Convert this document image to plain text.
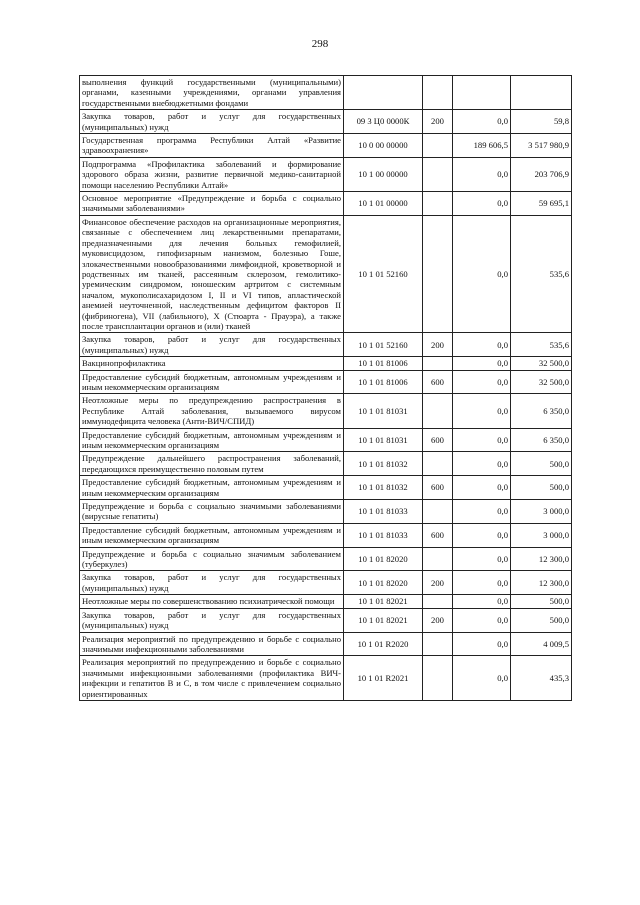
298
выполнения функций государственными (муниципальными) органами, казенными учреждениями, органами управления государственными внебюджетными фондами				
Закупка товаров, работ и услуг для государственных (муниципальных) нужд	09 3 Ц0 0000К	200	0,0	59,8
Государственная программа Республики Алтай «Развитие здравоохранения»	10 0 00 00000		189 606,5	3 517 980,9
Подпрограмма «Профилактика заболеваний и формирование здорового образа жизни, развитие первичной медико-санитарной помощи населению Республики Алтай»	10 1 00 00000		0,0	203 706,9
Основное мероприятие «Предупреждение и борьба с социально значимыми заболеваниями»	10 1 01 00000		0,0	59 695,1
Финансовое обеспечение расходов на организационные мероприятия, связанные с обеспечением лиц лекарственными препаратами, предназначенными для лечения больных гемофилией, муковисцидозом, гипофизарным нанизмом, болезнью Гоше, злокачественными новообразованиями лимфоидной, кроветворной и родственных им тканей, рассеянным склерозом, гемолитико-уремическим синдромом, юношеским артритом с системным началом, мукополисахаридозом I, II и VI типов, апластической анемией неуточненной, наследственным дефицитом факторов II (фибриногена), VII (лабильного), X (Стюарта - Прауэра), а также после трансплантации органов и (или) тканей	10 1 01 52160		0,0	535,6
Закупка товаров, работ и услуг для государственных (муниципальных) нужд	10 1 01 52160	200	0,0	535,6
Вакцинопрофилактика	10 1 01 81006		0,0	32 500,0
Предоставление субсидий бюджетным, автономным учреждениям и иным некоммерческим организациям	10 1 01 81006	600	0,0	32 500,0
Неотложные меры по предупреждению распространения в Республике Алтай заболевания, вызываемого вирусом иммунодефицита человека (Анти-ВИЧ/СПИД)	10 1 01 81031		0,0	6 350,0
Предоставление субсидий бюджетным, автономным учреждениям и иным некоммерческим организациям	10 1 01 81031	600	0,0	6 350,0
Предупреждение дальнейшего распространения заболеваний, передающихся преимущественно половым путем	10 1 01 81032		0,0	500,0
Предоставление субсидий бюджетным, автономным учреждениям и иным некоммерческим организациям	10 1 01 81032	600	0,0	500,0
Предупреждение и борьба с социально значимыми заболеваниями (вирусные гепатиты)	10 1 01 81033		0,0	3 000,0
Предоставление субсидий бюджетным, автономным учреждениям и иным некоммерческим организациям	10 1 01 81033	600	0,0	3 000,0
Предупреждение и борьба с социально значимым заболеванием (туберкулез)	10 1 01 82020		0,0	12 300,0
Закупка товаров, работ и услуг для государственных (муниципальных) нужд	10 1 01 82020	200	0,0	12 300,0
Неотложные меры по совершенствованию психиатрической помощи	10 1 01 82021		0,0	500,0
Закупка товаров, работ и услуг для государственных (муниципальных) нужд	10 1 01 82021	200	0,0	500,0
Реализация мероприятий по предупреждению и борьбе с социально значимыми инфекционными заболеваниями	10 1 01 R2020		0,0	4 009,5
Реализация мероприятий по предупреждению и борьбе с социально значимыми инфекционными заболеваниями (профилактика ВИЧ-инфекции и гепатитов B и C, в том числе с привлечением социально ориентированных	10 1 01 R2021		0,0	435,3
